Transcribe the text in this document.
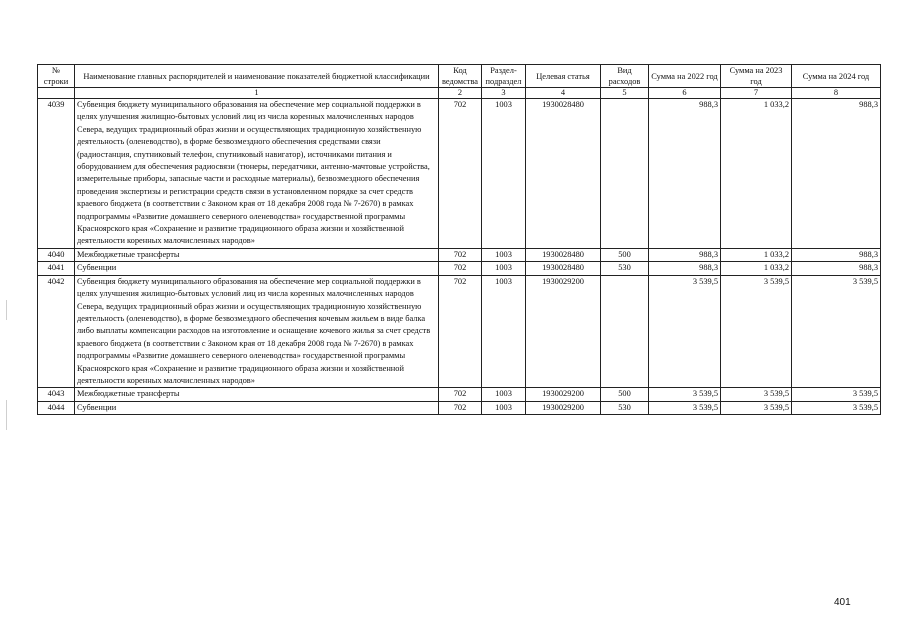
№ строки	Наименование главных распорядителей и наименование показателей бюджетной классификации	Код ведомства	Раздел-подраздел	Целевая статья	Вид расходов	Сумма на 2022 год	Сумма на 2023 год	Сумма на 2024 год
	1	2	3	4	5	6	7	8
4039	Субвенция бюджету муниципального образования на обеспечение мер социальной поддержки в целях улучшения жилищно-бытовых условий лиц из числа коренных малочисленных народов Севера, ведущих традиционный образ жизни и осуществляющих традиционную хозяйственную деятельность (оленеводство), в форме безвозмездного обеспечения средствами связи (радиостанция, спутниковый телефон, спутниковый навигатор), источниками питания и оборудованием для обеспечения радиосвязи (тюнеры, передатчики, антенно-мачтовые устройства, измерительные приборы, запасные части и расходные материалы), безвозмездного обеспечения проведения экспертизы и регистрации средств связи в установленном порядке за счет средств краевого бюджета (в соответствии с Законом края от 18 декабря 2008 года № 7-2670) в рамках подпрограммы «Развитие домашнего северного оленеводства» государственной программы Красноярского края «Сохранение и развитие традиционного образа жизни и хозяйственной деятельности коренных малочисленных народов»	702	1003	1930028480		988,3	1 033,2	988,3
4040	Межбюджетные трансферты	702	1003	1930028480	500	988,3	1 033,2	988,3
4041	Субвенции	702	1003	1930028480	530	988,3	1 033,2	988,3
4042	Субвенция бюджету муниципального образования на обеспечение мер социальной поддержки в целях улучшения жилищно-бытовых условий лиц из числа коренных малочисленных народов Севера, ведущих традиционный образ жизни и осуществляющих традиционную хозяйственную деятельность (оленеводство), в форме безвозмездного обеспечения кочевым жильем в виде балка либо выплаты компенсации расходов на изготовление и оснащение кочевого жилья за счет средств краевого бюджета (в соответствии с Законом края от 18 декабря 2008 года № 7-2670) в рамках подпрограммы «Развитие домашнего северного оленеводства» государственной программы Красноярского края «Сохранение и развитие традиционного образа жизни и хозяйственной деятельности коренных малочисленных народов»	702	1003	1930029200		3 539,5	3 539,5	3 539,5
4043	Межбюджетные трансферты	702	1003	1930029200	500	3 539,5	3 539,5	3 539,5
4044	Субвенции	702	1003	1930029200	530	3 539,5	3 539,5	3 539,5
401
